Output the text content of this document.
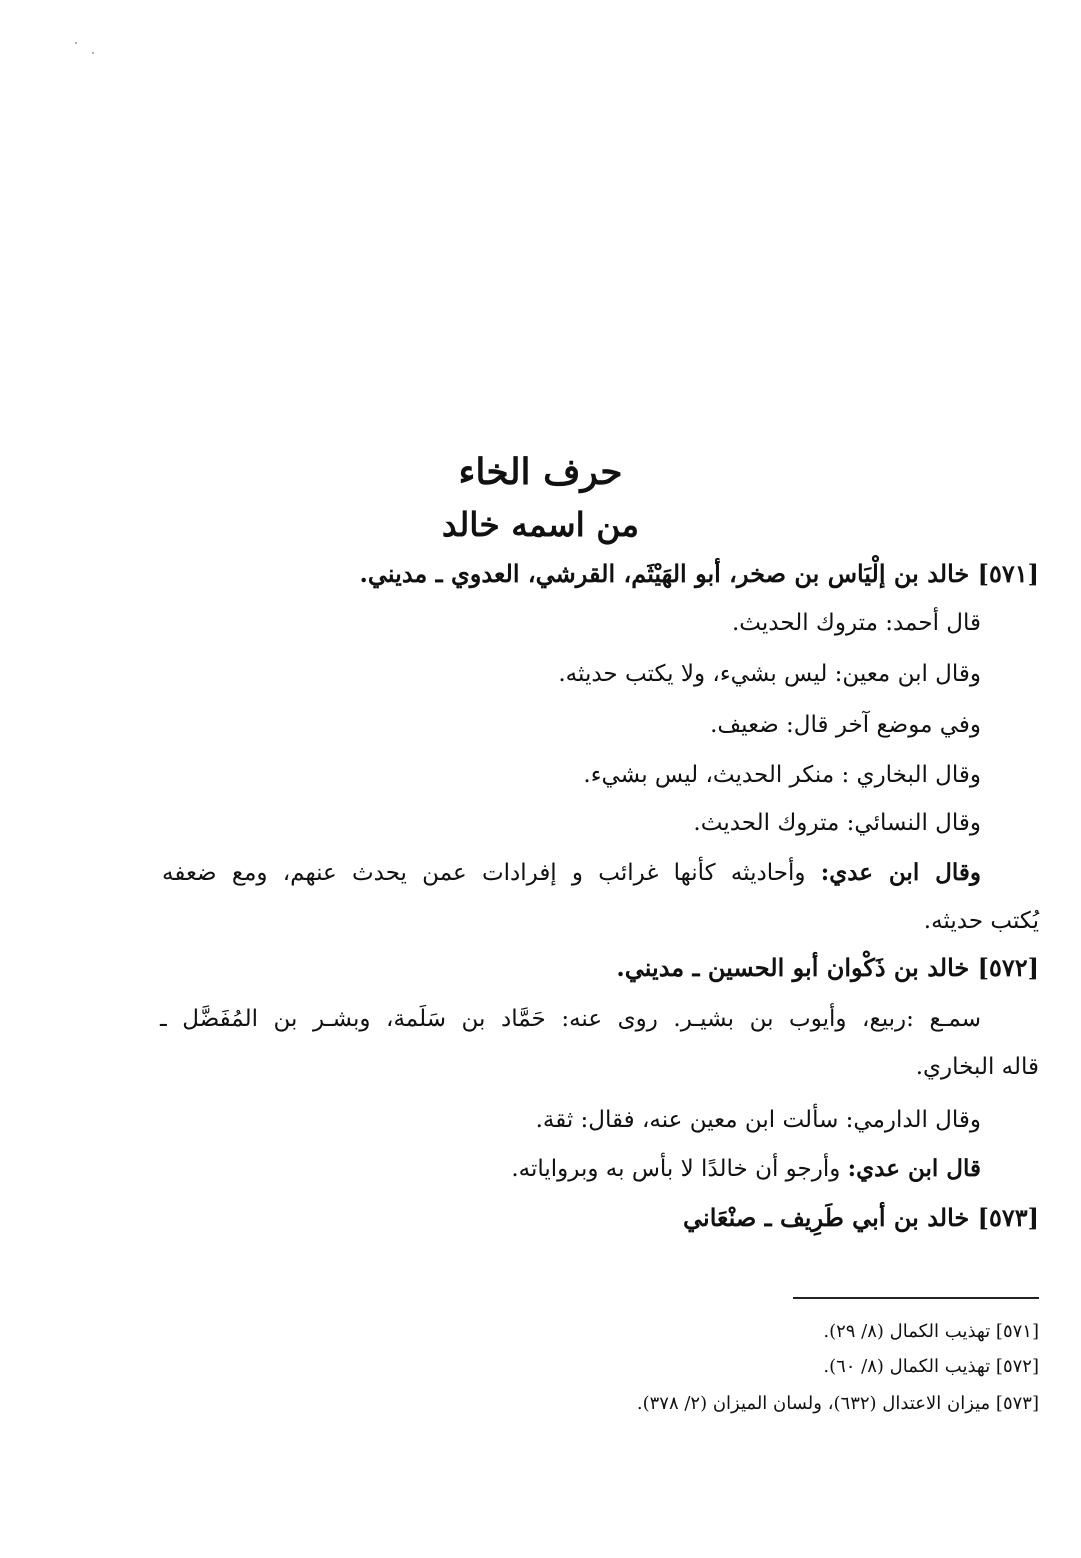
حرف الخاء
من اسمه خالد
[٥٧١] خالد بن إلْيَاس بن صخر، أبو الهَيْثَم، القرشي، العدوي ـ مديني.
قال أحمد: متروك الحديث.
وقال ابن معين: ليس بشيء، ولا يكتب حديثه.
وفي موضع آخر قال: ضعيف.
وقال البخاري : منكر الحديث، ليس بشيء.
وقال النسائي: متروك الحديث.
وقال ابن عدي: وأحاديثه كأنها غرائب و إفرادات عمن يحدث عنهم، ومع ضعفه
يُكتب حديثه.
[٥٧٢] خالد بن ذَكْوان أبو الحسين ـ مديني.
سمـع :ربيع، وأيوب بن بشيـر. روى عنه: حَمَّاد بن سَلَمة، وبشـر بن المُفَضَّل ـ
قاله البخاري.
وقال الدارمي: سألت ابن معين عنه، فقال: ثقة.
قال ابن عدي: وأرجو أن خالدًا لا بأس به وبرواياته.
[٥٧٣] خالد بن أبي طَرِيف ـ صنْعَاني
[٥٧١] تهذيب الكمال (٨/ ٢٩).
[٥٧٢] تهذيب الكمال (٨/ ٦٠).
[٥٧٣] ميزان الاعتدال (٦٣٢)، ولسان الميزان (٢/ ٣٧٨).
